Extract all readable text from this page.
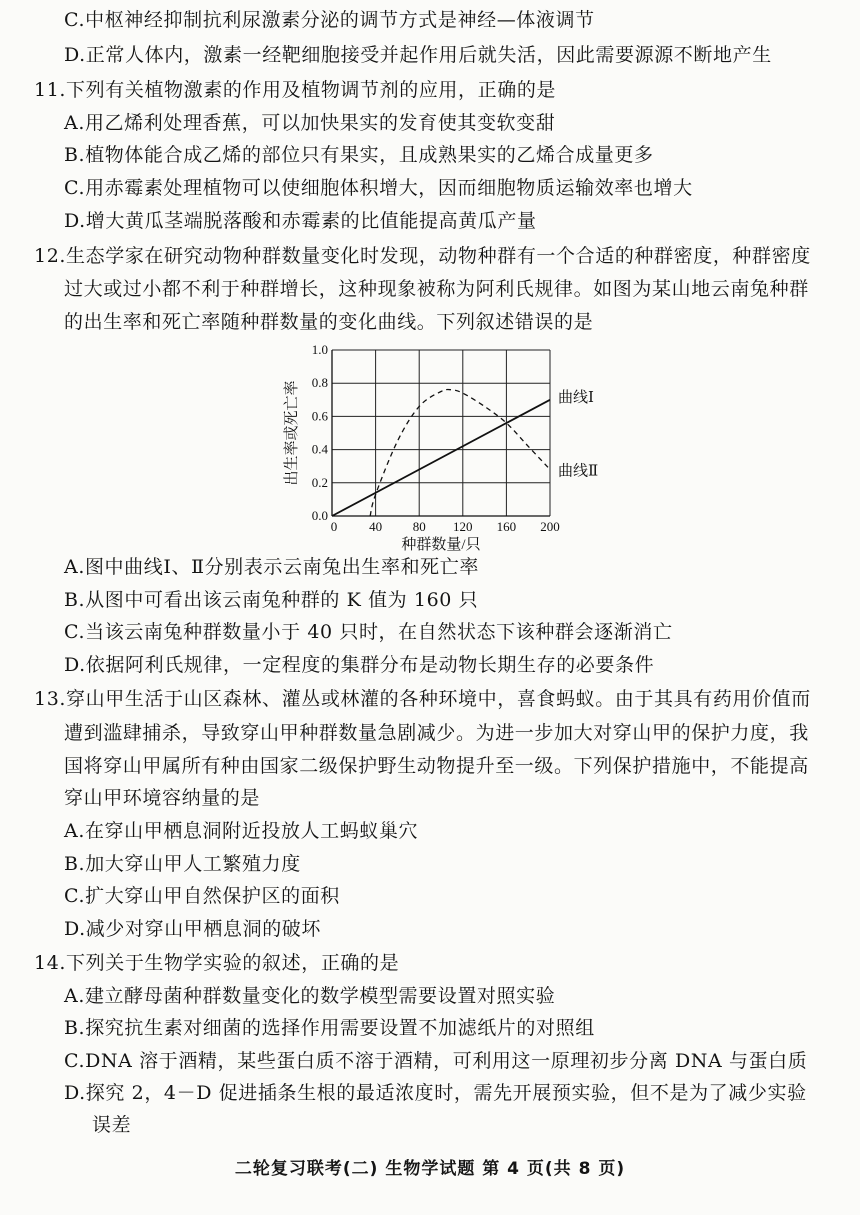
C.中枢神经抑制抗利尿激素分泌的调节方式是神经—体液调节
D.正常人体内，激素一经靶细胞接受并起作用后就失活，因此需要源源不断地产生
11.下列有关植物激素的作用及植物调节剂的应用，正确的是
A.用乙烯利处理香蕉，可以加快果实的发育使其变软变甜
B.植物体能合成乙烯的部位只有果实，且成熟果实的乙烯合成量更多
C.用赤霉素处理植物可以使细胞体积增大，因而细胞物质运输效率也增大
D.增大黄瓜茎端脱落酸和赤霉素的比值能提高黄瓜产量
12.生态学家在研究动物种群数量变化时发现，动物种群有一个合适的种群密度，种群密度
过大或过小都不利于种群增长，这种现象被称为阿利氏规律。如图为某山地云南兔种群
的出生率和死亡率随种群数量的变化曲线。下列叙述错误的是
0 40 80 120 160 200
0.0
0.2
0.4
0.6
0.8
1.0
曲线Ⅰ
曲线Ⅱ
种群数量/只
出生率或死亡率
A.图中曲线Ⅰ、Ⅱ分别表示云南兔出生率和死亡率
B.从图中可看出该云南兔种群的 K 值为 160 只
C.当该云南兔种群数量小于 40 只时，在自然状态下该种群会逐渐消亡
D.依据阿利氏规律，一定程度的集群分布是动物长期生存的必要条件
13.穿山甲生活于山区森林、灌丛或林灌的各种环境中，喜食蚂蚁。由于其具有药用价值而
遭到滥肆捕杀，导致穿山甲种群数量急剧减少。为进一步加大对穿山甲的保护力度，我
国将穿山甲属所有种由国家二级保护野生动物提升至一级。下列保护措施中，不能提高
穿山甲环境容纳量的是
A.在穿山甲栖息洞附近投放人工蚂蚁巢穴
B.加大穿山甲人工繁殖力度
C.扩大穿山甲自然保护区的面积
D.减少对穿山甲栖息洞的破坏
14.下列关于生物学实验的叙述，正确的是
A.建立酵母菌种群数量变化的数学模型需要设置对照实验
B.探究抗生素对细菌的选择作用需要设置不加滤纸片的对照组
C.DNA 溶于酒精，某些蛋白质不溶于酒精，可利用这一原理初步分离 DNA 与蛋白质
D.探究 2，4－D 促进插条生根的最适浓度时，需先开展预实验，但不是为了减少实验
误差
二轮复习联考(二) 生物学试题 第 4 页(共 8 页)
